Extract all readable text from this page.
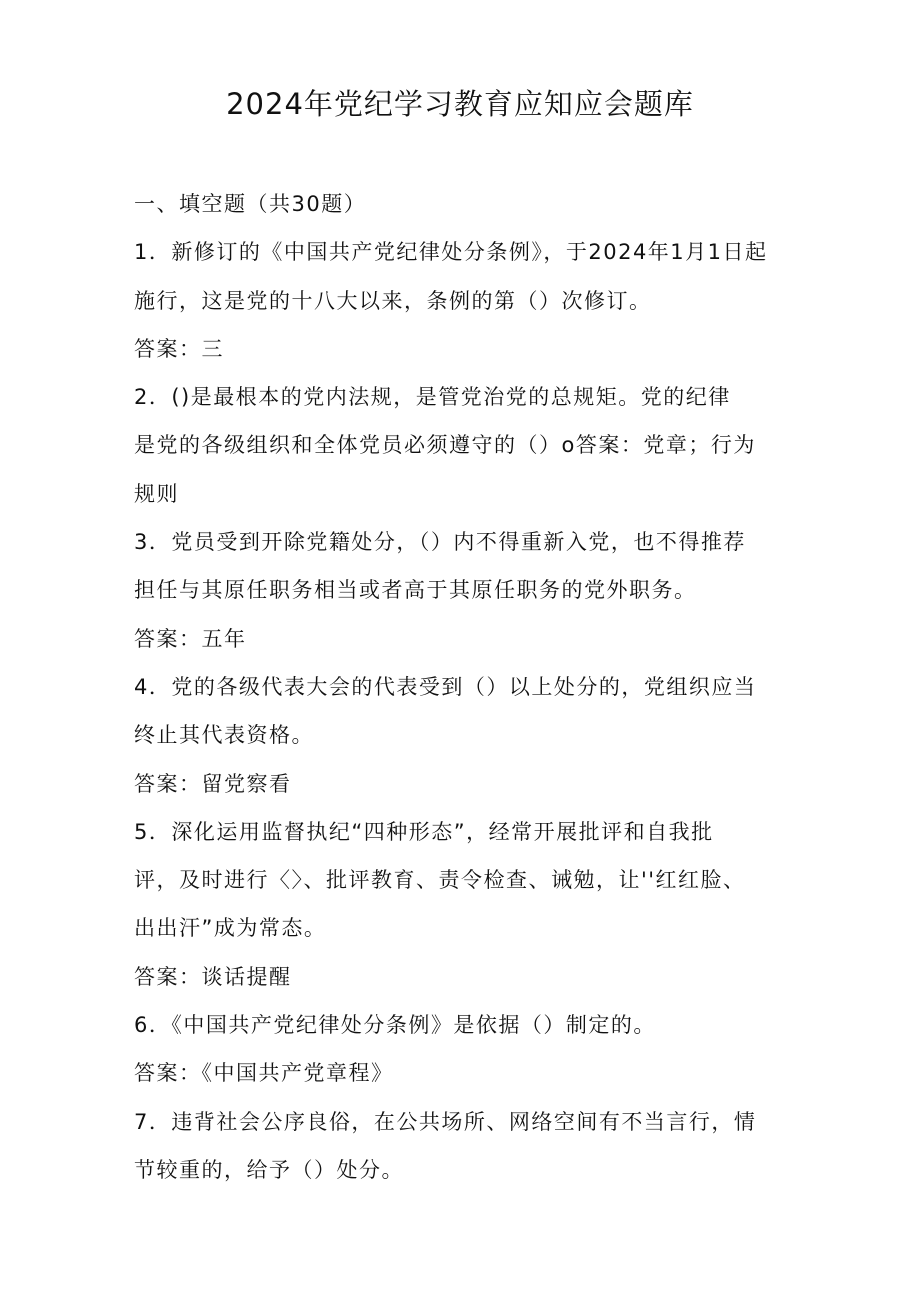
2024年党纪学习教育应知应会题库
一、填空题（共30题）
1．新修订的《中国共产党纪律处分条例》，于2024年1月1日起
施行，这是党的十八大以来，条例的第（）次修订。
答案：三
2．()是最根本的党内法规，是管党治党的总规矩。党的纪律
是党的各级组织和全体党员必须遵守的（）o答案：党章；行为
规则
3．党员受到开除党籍处分，（）内不得重新入党，也不得推荐
担任与其原任职务相当或者高于其原任职务的党外职务。
答案：五年
4．党的各级代表大会的代表受到（）以上处分的，党组织应当
终止其代表资格。
答案：留党察看
5．深化运用监督执纪“四种形态”，经常开展批评和自我批
评，及时进行〈〉、批评教育、责令检查、诫勉，让''红红脸、
出出汗”成为常态。
答案：谈话提醒
6．《中国共产党纪律处分条例》是依据（）制定的。
答案：《中国共产党章程》
7．违背社会公序良俗，在公共场所、网络空间有不当言行，情
节较重的，给予（）处分。
